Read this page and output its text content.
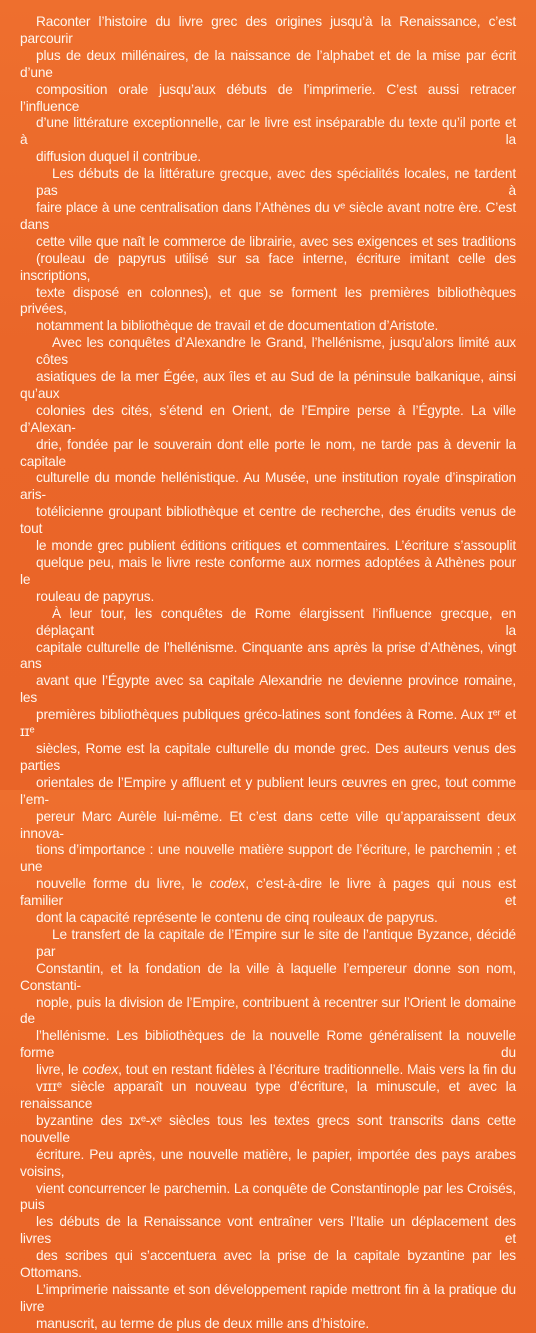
Raconter l’histoire du livre grec des origines jusqu’à la Renaissance, c’est parcourir
plus de deux millénaires, de la naissance de l’alphabet et de la mise par écrit d’une
composition orale jusqu’aux débuts de l’imprimerie. C’est aussi retracer l’influence
d’une littérature exceptionnelle, car le livre est inséparable du texte qu’il porte et à la
diffusion duquel il contribue.
Les débuts de la littérature grecque, avec des spécialités locales, ne tardent pas à
faire place à une centralisation dans l’Athènes du vᵉ siècle avant notre ère. C’est dans
cette ville que naît le commerce de librairie, avec ses exigences et ses traditions
(rouleau de papyrus utilisé sur sa face interne, écriture imitant celle des inscriptions,
texte disposé en colonnes), et que se forment les premières bibliothèques privées,
notamment la bibliothèque de travail et de documentation d’Aristote.
Avec les conquêtes d’Alexandre le Grand, l’hellénisme, jusqu’alors limité aux côtes
asiatiques de la mer Égée, aux îles et au Sud de la péninsule balkanique, ainsi qu’aux
colonies des cités, s’étend en Orient, de l’Empire perse à l’Égypte. La ville d’Alexan-
drie, fondée par le souverain dont elle porte le nom, ne tarde pas à devenir la capitale
culturelle du monde hellénistique. Au Musée, une institution royale d’inspiration aris-
totélicienne groupant bibliothèque et centre de recherche, des érudits venus de tout
le monde grec publient éditions critiques et commentaires. L’écriture s’assouplit
quelque peu, mais le livre reste conforme aux normes adoptées à Athènes pour le
rouleau de papyrus.
À leur tour, les conquêtes de Rome élargissent l’influence grecque, en déplaçant la
capitale culturelle de l’hellénisme. Cinquante ans après la prise d’Athènes, vingt ans
avant que l’Égypte avec sa capitale Alexandrie ne devienne province romaine, les
premières bibliothèques publiques gréco-latines sont fondées à Rome. Aux ɪᵉʳ et ɪɪᵉ
siècles, Rome est la capitale culturelle du monde grec. Des auteurs venus des parties
orientales de l’Empire y affluent et y publient leurs œuvres en grec, tout comme l’em-
pereur Marc Aurèle lui-même. Et c’est dans cette ville qu’apparaissent deux innova-
tions d’importance : une nouvelle matière support de l’écriture, le parchemin ; et une
nouvelle forme du livre, le codex, c’est-à-dire le livre à pages qui nous est familier et
dont la capacité représente le contenu de cinq rouleaux de papyrus.
Le transfert de la capitale de l’Empire sur le site de l’antique Byzance, décidé par
Constantin, et la fondation de la ville à laquelle l’empereur donne son nom, Constanti-
nople, puis la division de l’Empire, contribuent à recentrer sur l’Orient le domaine de
l’hellénisme. Les bibliothèques de la nouvelle Rome généralisent la nouvelle forme du
livre, le codex, tout en restant fidèles à l’écriture traditionnelle. Mais vers la fin du
vɪɪɪᵉ siècle apparaît un nouveau type d’écriture, la minuscule, et avec la renaissance
byzantine des ɪxᵉ-xᵉ siècles tous les textes grecs sont transcrits dans cette nouvelle
écriture. Peu après, une nouvelle matière, le papier, importée des pays arabes voisins,
vient concurrencer le parchemin. La conquête de Constantinople par les Croisés, puis
les débuts de la Renaissance vont entraîner vers l’Italie un déplacement des livres et
des scribes qui s’accentuera avec la prise de la capitale byzantine par les Ottomans.
L’imprimerie naissante et son développement rapide mettront fin à la pratique du livre
manuscrit, au terme de plus de deux mille ans d’histoire.
